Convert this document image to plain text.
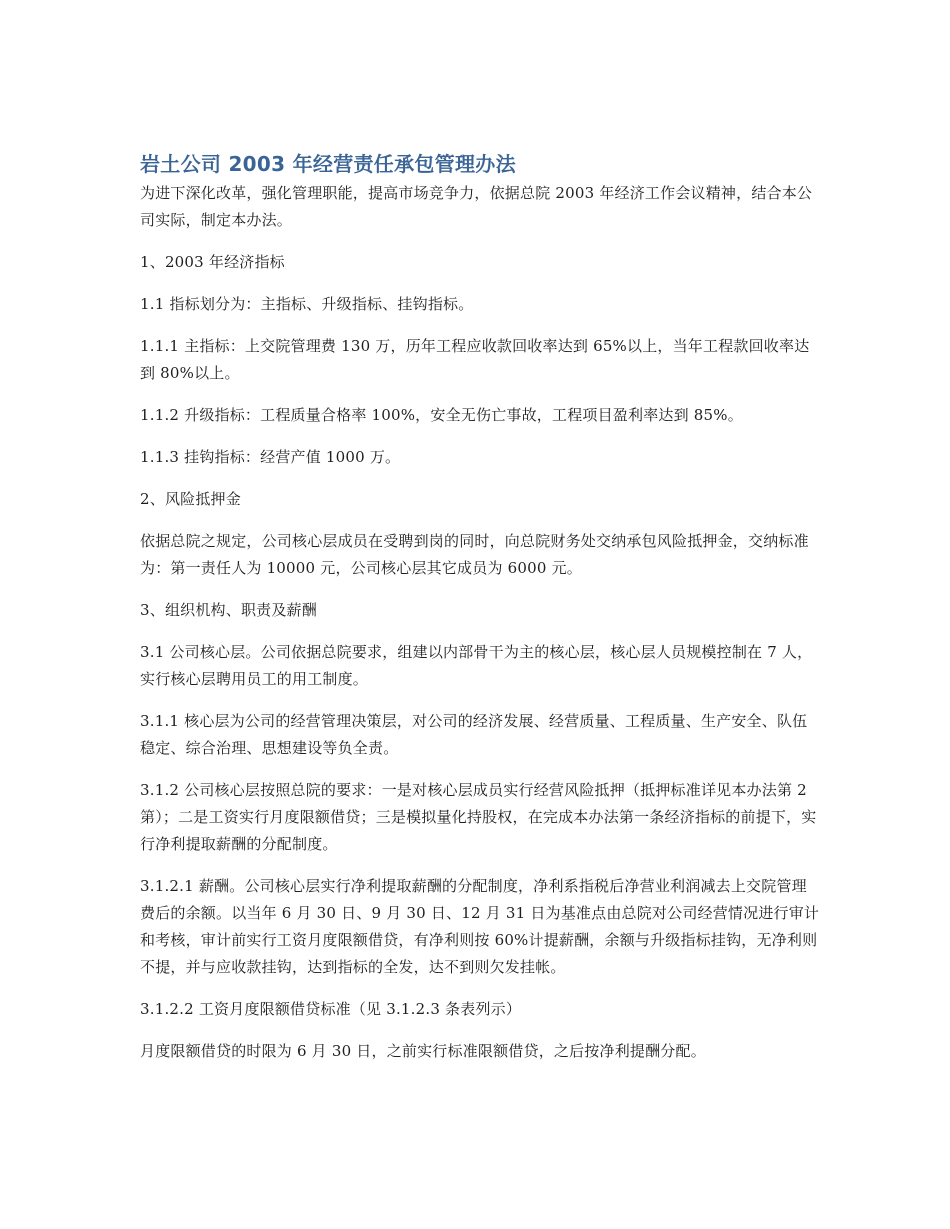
岩土公司 2003 年经营责任承包管理办法

为进下深化改革，强化管理职能，提高市场竞争力，依据总院 2003 年经济工作会议精神，结合本公司实际，制定本办法。

1、2003 年经济指标

1.1 指标划分为：主指标、升级指标、挂钩指标。

1.1.1 主指标：上交院管理费 130 万，历年工程应收款回收率达到 65%以上，当年工程款回收率达到 80%以上。

1.1.2 升级指标：工程质量合格率 100%，安全无伤亡事故，工程项目盈利率达到 85%。

1.1.3 挂钩指标：经营产值 1000 万。

2、风险抵押金

依据总院之规定，公司核心层成员在受聘到岗的同时，向总院财务处交纳承包风险抵押金，交纳标准为：第一责任人为 10000 元，公司核心层其它成员为 6000 元。

3、组织机构、职责及薪酬

3.1 公司核心层。公司依据总院要求，组建以内部骨干为主的核心层，核心层人员规模控制在 7 人，实行核心层聘用员工的用工制度。

3.1.1 核心层为公司的经营管理决策层，对公司的经济发展、经营质量、工程质量、生产安全、队伍稳定、综合治理、思想建设等负全责。

3.1.2 公司核心层按照总院的要求：一是对核心层成员实行经营风险抵押（抵押标准详见本办法第 2 第）；二是工资实行月度限额借贷；三是模拟量化持股权，在完成本办法第一条经济指标的前提下，实行净利提取薪酬的分配制度。

3.1.2.1 薪酬。公司核心层实行净利提取薪酬的分配制度，净利系指税后净营业利润减去上交院管理费后的余额。以当年 6 月 30 日、9 月 30 日、12 月 31 日为基准点由总院对公司经营情况进行审计和考核，审计前实行工资月度限额借贷，有净利则按 60%计提薪酬，余额与升级指标挂钩，无净利则不提，并与应收款挂钩，达到指标的全发，达不到则欠发挂帐。

3.1.2.2 工资月度限额借贷标准（见 3.1.2.3 条表列示）

月度限额借贷的时限为 6 月 30 日，之前实行标准限额借贷，之后按净利提酬分配。
